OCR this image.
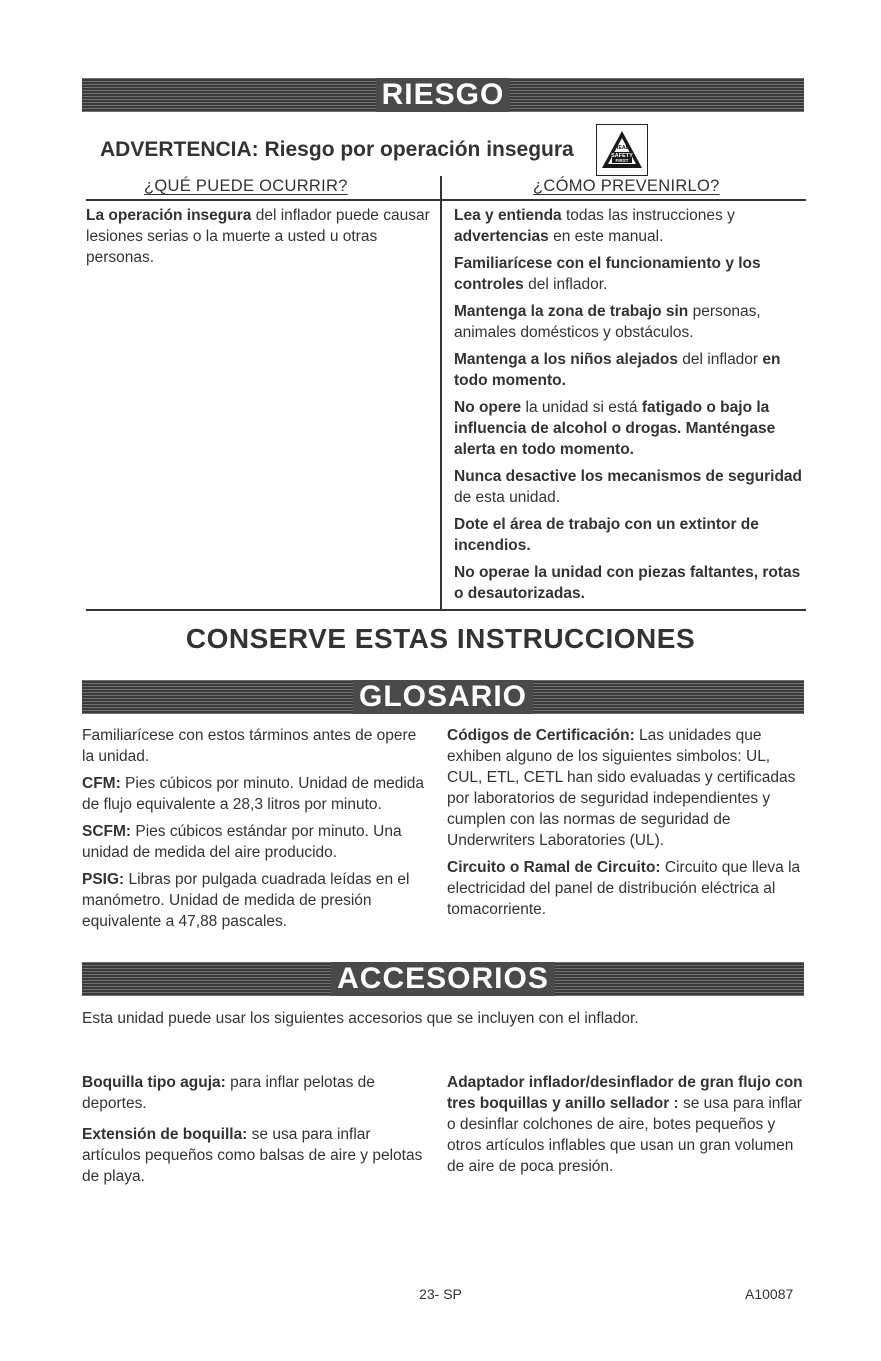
RIESGO
ADVERTENCIA: Riesgo por operación insegura	READ
SAFETY
FIRST
¿QUÉ PUEDE OCURRIR?	¿CÓMO PREVENIRLO?
La operación insegura del inflador puede causar lesiones serias o la muerte a usted u otras personas.
Lea y entienda todas las instrucciones y advertencias en este manual.
Familiarícese con el funcionamiento y los controles del inflador.
Mantenga la zona de trabajo sin personas, animales domésticos y obstáculos.
Mantenga a los niños alejados del inflador en todo momento.
No opere la unidad si está fatigado o bajo la influencia de alcohol o drogas. Manténgase alerta en todo momento.
Nunca desactive los mecanismos de seguridad de esta unidad.
Dote el área de trabajo con un extintor de incendios.
No operae la unidad con piezas faltantes, rotas o desautorizadas.
CONSERVE ESTAS INSTRUCCIONES
GLOSARIO
Familiarícese con estos tárminos antes de opere la unidad.
CFM: Pies cúbicos por minuto. Unidad de medida de flujo equivalente a 28,3 litros por minuto.
SCFM: Pies cúbicos estándar por minuto. Una unidad de medida del aire producido.
PSIG: Libras por pulgada cuadrada leídas en el manómetro. Unidad de medida de presión equivalente a 47,88 pascales.
Códigos de Certificación: Las unidades que exhiben alguno de los siguientes simbolos: UL, CUL, ETL, CETL han sido evaluadas y certificadas por laboratorios de seguridad independientes y cumplen con las normas de seguridad de Underwriters Laboratories (UL).
Circuito o Ramal de Circuito: Circuito que lleva la electricidad del panel de distribución eléctrica al tomacorriente.
ACCESORIOS
Esta unidad puede usar los siguientes accesorios que se incluyen con el inflador.
Boquilla tipo aguja: para inflar pelotas de deportes.
Extensión de boquilla: se usa para inflar artículos pequeños como balsas de aire y pelotas de playa.
Adaptador inflador/desinflador de gran flujo con tres boquillas y anillo sellador : se usa para inflar o desinflar colchones de aire, botes pequeños y otros artículos inflables que usan un gran volumen de aire de poca presión.
23- SP	A10087
